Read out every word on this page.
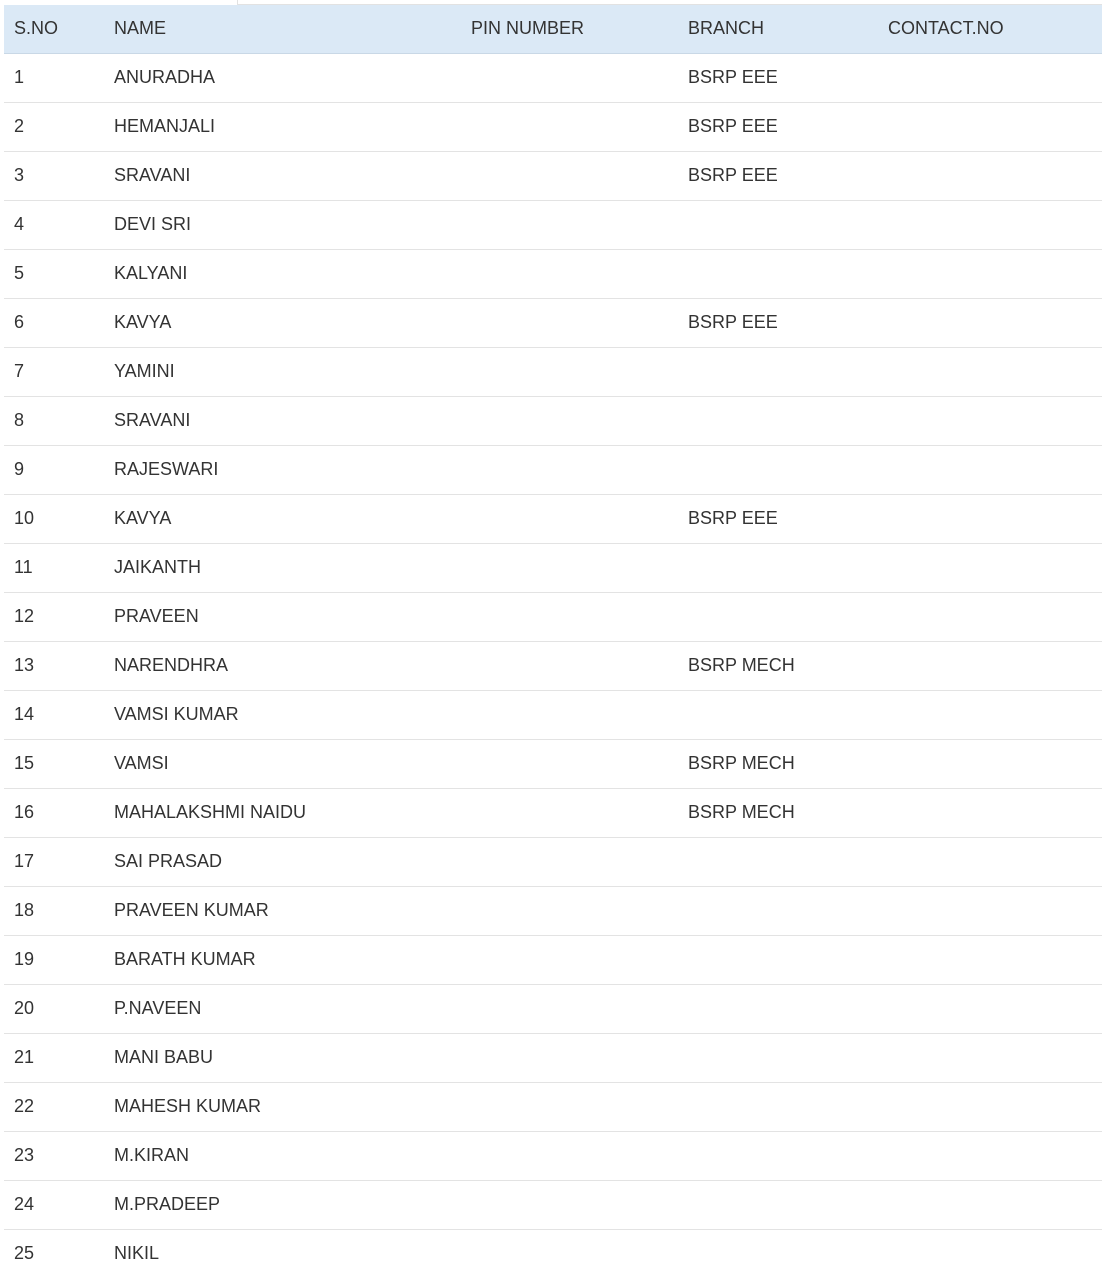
S.NO	NAME	PIN NUMBER	BRANCH	CONTACT.NO
1	ANURADHA		BSRP EEE	
2	HEMANJALI		BSRP EEE	
3	SRAVANI		BSRP EEE	
4	DEVI SRI			
5	KALYANI			
6	KAVYA		BSRP EEE	
7	YAMINI			
8	SRAVANI			
9	RAJESWARI			
10	KAVYA		BSRP EEE	
11	JAIKANTH			
12	PRAVEEN			
13	NARENDHRA		BSRP MECH	
14	VAMSI KUMAR			
15	VAMSI		BSRP MECH	
16	MAHALAKSHMI NAIDU		BSRP MECH	
17	SAI PRASAD			
18	PRAVEEN KUMAR			
19	BARATH KUMAR			
20	P.NAVEEN			
21	MANI BABU			
22	MAHESH KUMAR			
23	M.KIRAN			
24	M.PRADEEP			
25	NIKIL			
